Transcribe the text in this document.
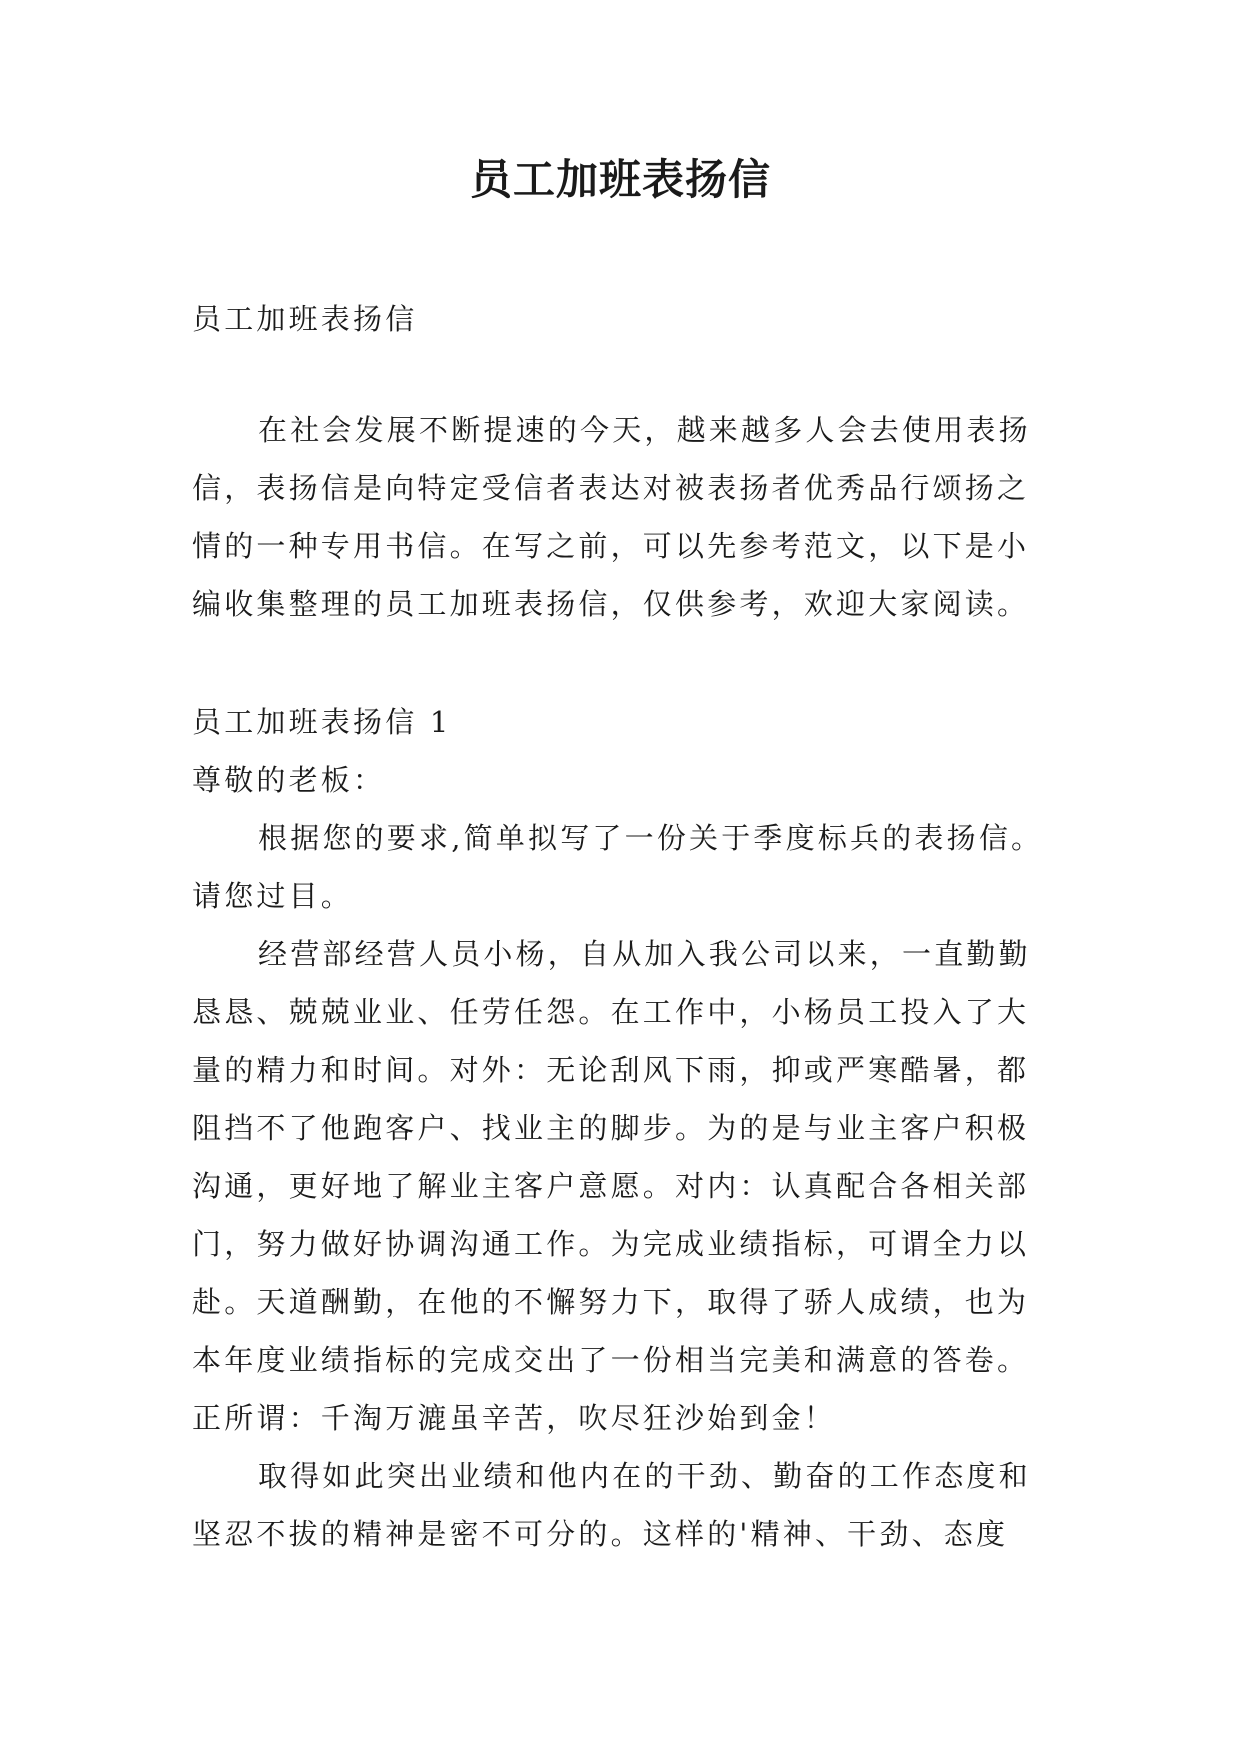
员工加班表扬信
员工加班表扬信
在社会发展不断提速的今天，越来越多人会去使用表扬
信，表扬信是向特定受信者表达对被表扬者优秀品行颂扬之
情的一种专用书信。在写之前，可以先参考范文，以下是小
编收集整理的员工加班表扬信，仅供参考，欢迎大家阅读。
员工加班表扬信 1
尊敬的老板：
根据您的要求,简单拟写了一份关于季度标兵的表扬信。
请您过目。
经营部经营人员小杨，自从加入我公司以来，一直勤勤
恳恳、兢兢业业、任劳任怨。在工作中，小杨员工投入了大
量的精力和时间。对外：无论刮风下雨，抑或严寒酷暑，都
阻挡不了他跑客户、找业主的脚步。为的是与业主客户积极
沟通，更好地了解业主客户意愿。对内：认真配合各相关部
门，努力做好协调沟通工作。为完成业绩指标，可谓全力以
赴。天道酬勤，在他的不懈努力下，取得了骄人成绩，也为
本年度业绩指标的完成交出了一份相当完美和满意的答卷。
正所谓：千淘万漉虽辛苦，吹尽狂沙始到金！
取得如此突出业绩和他内在的干劲、勤奋的工作态度和
坚忍不拔的精神是密不可分的。这样的'精神、干劲、态度
